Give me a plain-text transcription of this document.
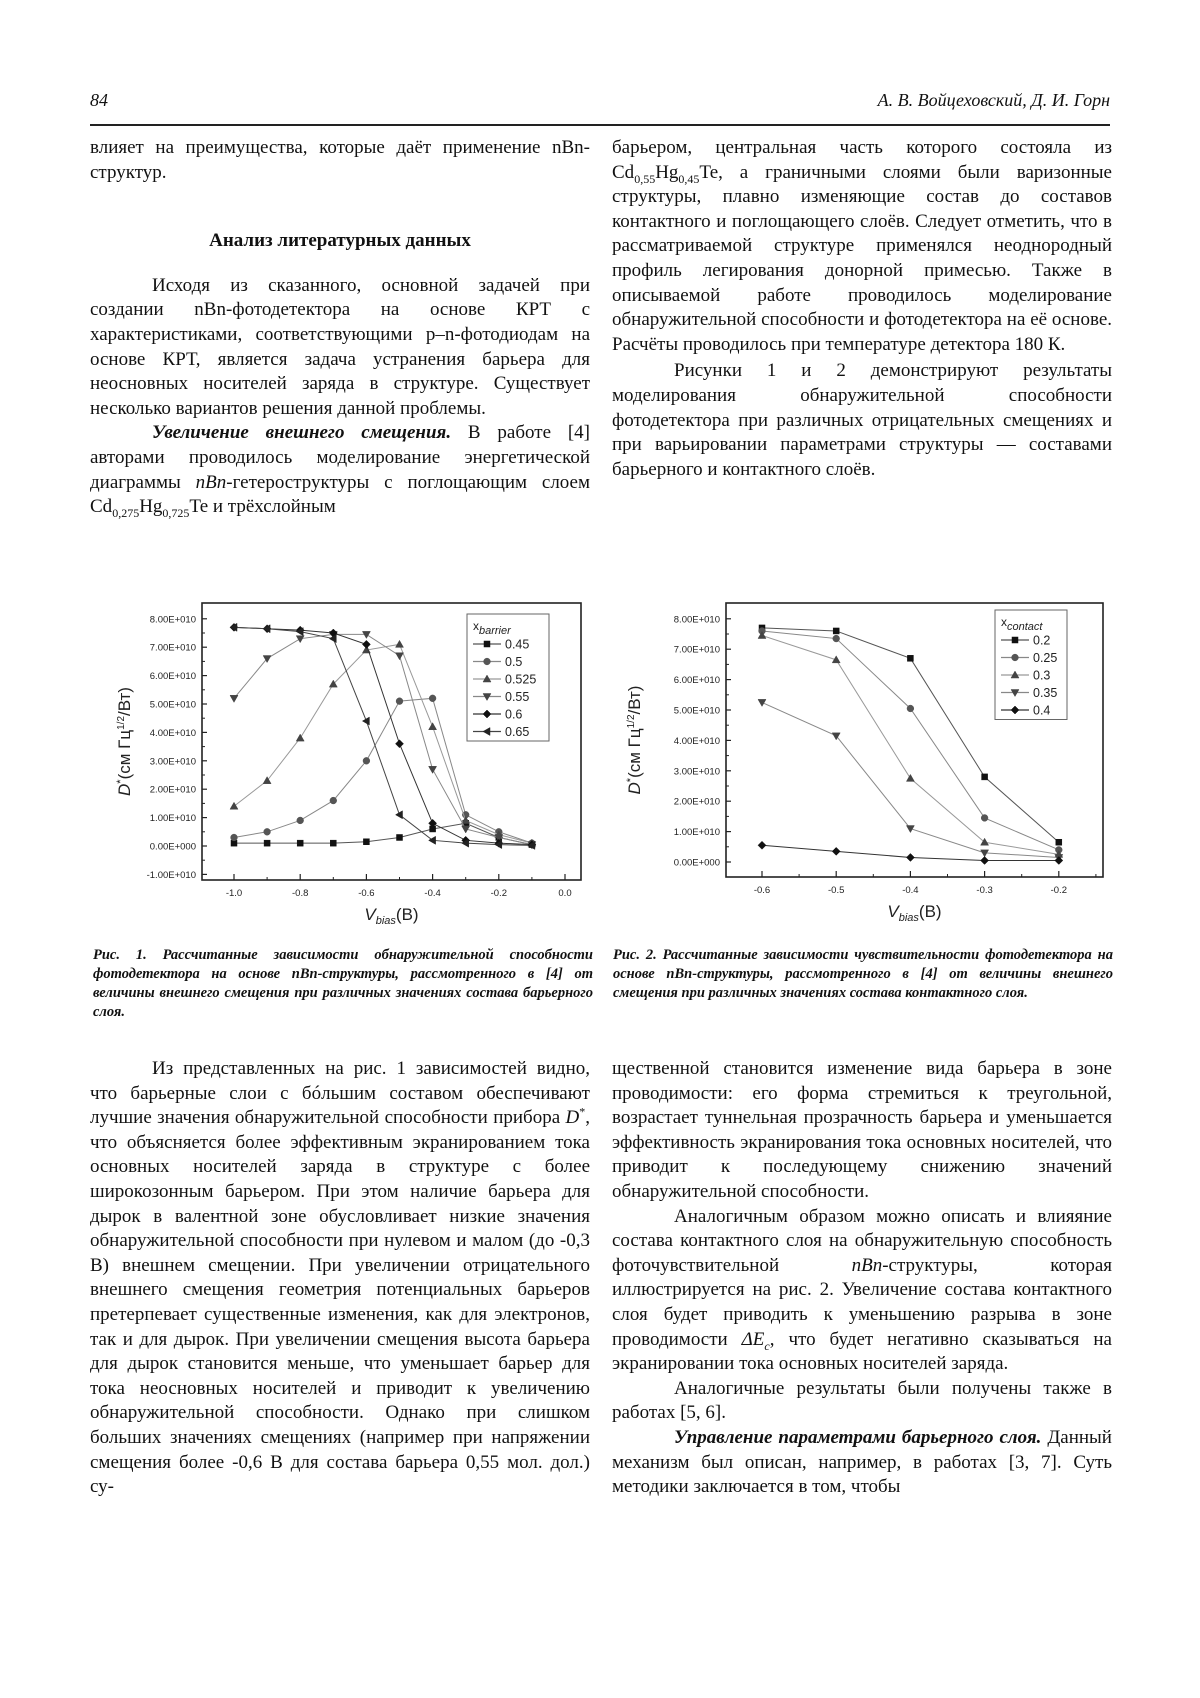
84	А. В. Войцеховский, Д. И. Горн

влияет на преимущества, которые даёт применение nBn-структур.

Анализ литературных данных

Исходя из сказанного, основной задачей при создании nBn-фотодетектора на основе КРТ с характеристиками, соответствующими p–n-фотодиодам на основе КРТ, является задача устранения барьера для неосновных носителей заряда в структуре. Существует несколько вариантов решения данной проблемы.

Увеличение внешнего смещения. В работе [4] авторами проводилось моделирование энергетической диаграммы nBn-гетероструктуры с поглощающим слоем $Cd_{0,275}Hg_{0,725}Te$ и трёхслойным

барьером, центральная часть которого состояла из $Cd_{0,55}Hg_{0,45}Te$, а граничными слоями были варизонные структуры, плавно изменяющие состав до составов контактного и поглощающего слоёв. Следует отметить, что в рассматриваемой структуре применялся неоднородный профиль легирования донорной примесью. Также в описываемой работе проводилось моделирование обнаружительной способности и фотодетектора на её основе. Расчёты проводилось при температуре детектора 180 К.

Рисунки 1 и 2 демонстрируют результаты моделирования обнаружительной способности фотодетектора при различных отрицательных смещениях и при варьировании параметрами структуры — составами барьерного и контактного слоёв.

-1.00E+010
0.00E+000
1.00E+010
2.00E+010
3.00E+010
4.00E+010
5.00E+010
6.00E+010
7.00E+010
8.00E+010
-1.0	-0.8	-0.6	-0.4	-0.2	0.0
xbarrier
0.45
0.5
0.525
0.55
0.6
0.65
D*(см $Гц^{1/2}/Вт$)
$V_{bias}(В)$
0.00E+000
1.00E+010
2.00E+010
3.00E+010
4.00E+010
5.00E+010
6.00E+010
7.00E+010
8.00E+010
-0.6	-0.5	-0.4	-0.3	-0.2
xcontact
0.2
0.25
0.3
0.35
0.4
D*(см $Гц^{1/2}/Вт$)
$V_{bias}(В)$
Рис. 1. Рассчитанные зависимости обнаружительной способности фотодетектора на основе nBn-структуры, рассмотренного в [4] от величины внешнего смещения при различных значениях состава барьерного слоя.
Рис. 2. Рассчитанные зависимости чувствительности фотодетектора на основе nBn-структуры, рассмотренного в [4] от величины внешнего смещения при различных значениях состава контактного слоя.

Из представленных на рис. 1 зависимостей видно, что барьерные слои с бóльшим составом обеспечивают лучшие значения обнаружительной способности прибора D*, что объясняется более эффективным экранированием тока основных носителей заряда в структуре с более широкозонным барьером. При этом наличие барьера для дырок в валентной зоне обусловливает низкие значения обнаружительной способности при нулевом и малом (до -0,3 В) внешнем смещении. При увеличении отрицательного внешнего смещения геометрия потенциальных барьеров претерпевает существенные изменения, как для электронов, так и для дырок. При увеличении смещения высота барьера для дырок становится меньше, что уменьшает барьер для тока неосновных носителей и приводит к увеличению обнаружительной способности. Однако при слишком больших значениях смещениях (например при напряжении смещения более -0,6 В для состава барьера 0,55 мол. дол.) су-

щественной становится изменение вида барьера в зоне проводимости: его форма стремиться к треугольной, возрастает туннельная прозрачность барьера и уменьшается эффективность экранирования тока основных носителей, что приводит к последующему снижению значений обнаружительной способности.

Аналогичным образом можно описать и влияяние состава контактного слоя на обнаружительную способность фоточувствительной nBn-структуры, которая иллюстрируется на рис. 2. Увеличение состава контактного слоя будет приводить к уменьшению разрыва в зоне проводимости $\Delta E_c$, что будет негативно сказываться на экранировании тока основных носителей заряда.

Аналогичные результаты были получены также в работах [5, 6].

Управление параметрами барьерного слоя. Данный механизм был описан, например, в работах [3, 7]. Суть методики заключается в том, чтобы
